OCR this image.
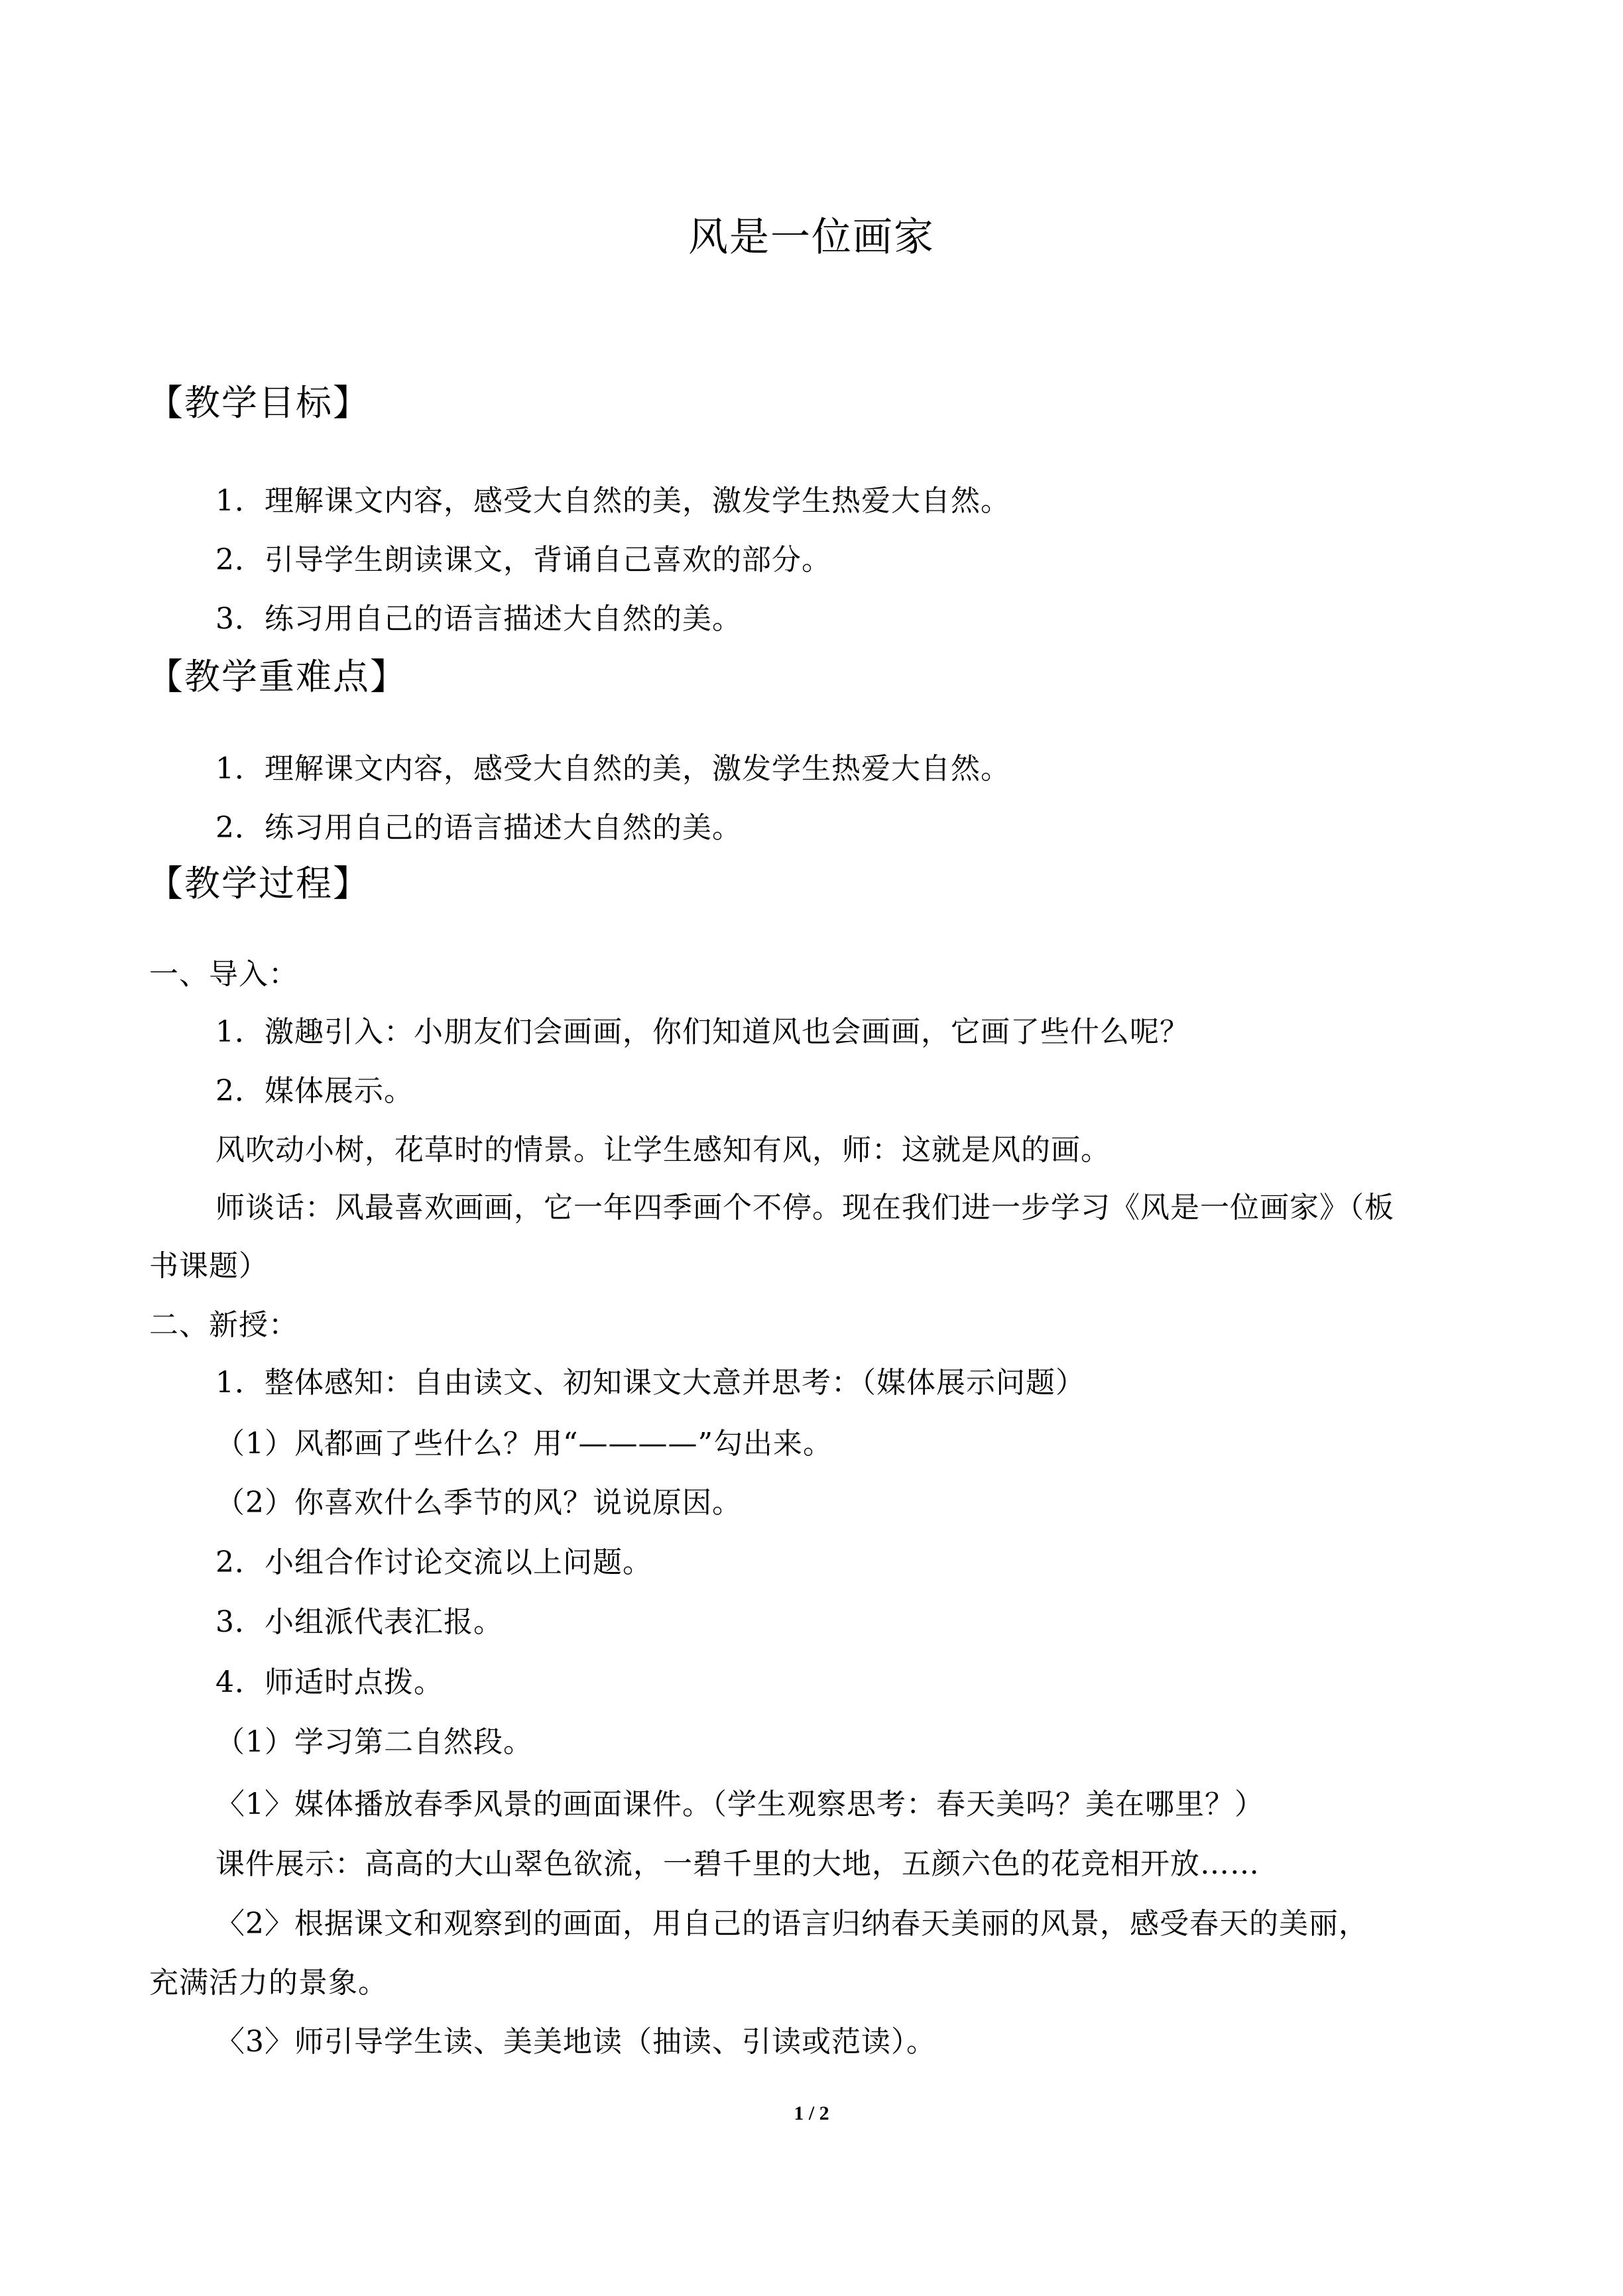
风是一位画家
【教学目标】
1．理解课文内容，感受大自然的美，激发学生热爱大自然。
2．引导学生朗读课文，背诵自己喜欢的部分。
3．练习用自己的语言描述大自然的美。
【教学重难点】
1．理解课文内容，感受大自然的美，激发学生热爱大自然。
2．练习用自己的语言描述大自然的美。
【教学过程】
一、导入：
1．激趣引入：小朋友们会画画，你们知道风也会画画，它画了些什么呢？
2．媒体展示。
风吹动小树，花草时的情景。让学生感知有风，师：这就是风的画。
师谈话：风最喜欢画画，它一年四季画个不停。现在我们进一步学习《风是一位画家》（板
书课题）
二、新授：
1．整体感知：自由读文、初知课文大意并思考：（媒体展示问题）
（1）风都画了些什么？用“————”勾出来。
（2）你喜欢什么季节的风？说说原因。
2．小组合作讨论交流以上问题。
3．小组派代表汇报。
4．师适时点拨。
（1）学习第二自然段。
〈1〉媒体播放春季风景的画面课件。（学生观察思考：春天美吗？美在哪里？）
课件展示：高高的大山翠色欲流，一碧千里的大地，五颜六色的花竞相开放……
〈2〉根据课文和观察到的画面，用自己的语言归纳春天美丽的风景，感受春天的美丽，
充满活力的景象。
〈3〉师引导学生读、美美地读（抽读、引读或范读）。
1 / 2
